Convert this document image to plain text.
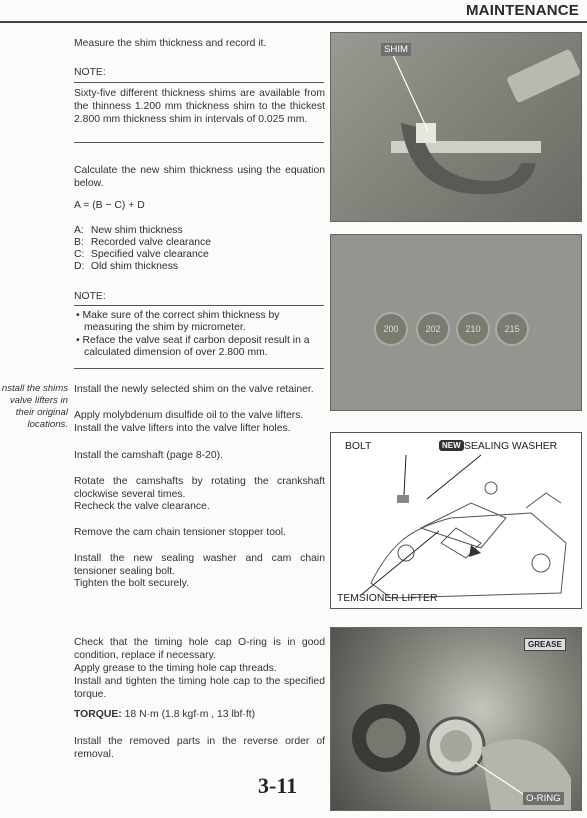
MAINTENANCE
Measure the shim thickness and record it.
NOTE:
Sixty-five different thickness shims are available from the thinness 1.200 mm thickness shim to the thickest 2.800 mm thickness shim in intervals of 0.025 mm.
Calculate the new shim thickness using the equation below.
A = (B − C) + D
A: New shim thickness
B: Recorded valve clearance
C: Specified valve clearance
D: Old shim thickness
NOTE:
• Make sure of the correct shim thickness by measuring the shim by micrometer.
• Reface the valve seat if carbon deposit result in a calculated dimension of over 2.800 mm.
nstall the shims
valve lifters in
their original
locations.
Install the newly selected shim on the valve retainer.
Apply molybdenum disulfide oil to the valve lifters.
Install the valve lifters into the valve lifter holes.
Install the camshaft (page 8-20).
Rotate the camshafts by rotating the crankshaft clockwise several times.
Recheck the valve clearance.
Remove the cam chain tensioner stopper tool.
Install the new sealing washer and cam chain tensioner sealing bolt.
Tighten the bolt securely.
Check that the timing hole cap O-ring is in good condition, replace if necessary.
Apply grease to the timing hole cap threads.
Install and tighten the timing hole cap to the specified torque.
TORQUE: 18 N·m (1.8 kgf·m , 13 lbf·ft)
Install the removed parts in the reverse order of removal.
SHIM
200	202	210	215
BOLT	NEW SEALING WASHER
TEMSIONER LIFTER
GREASE
O-RING
3-11
